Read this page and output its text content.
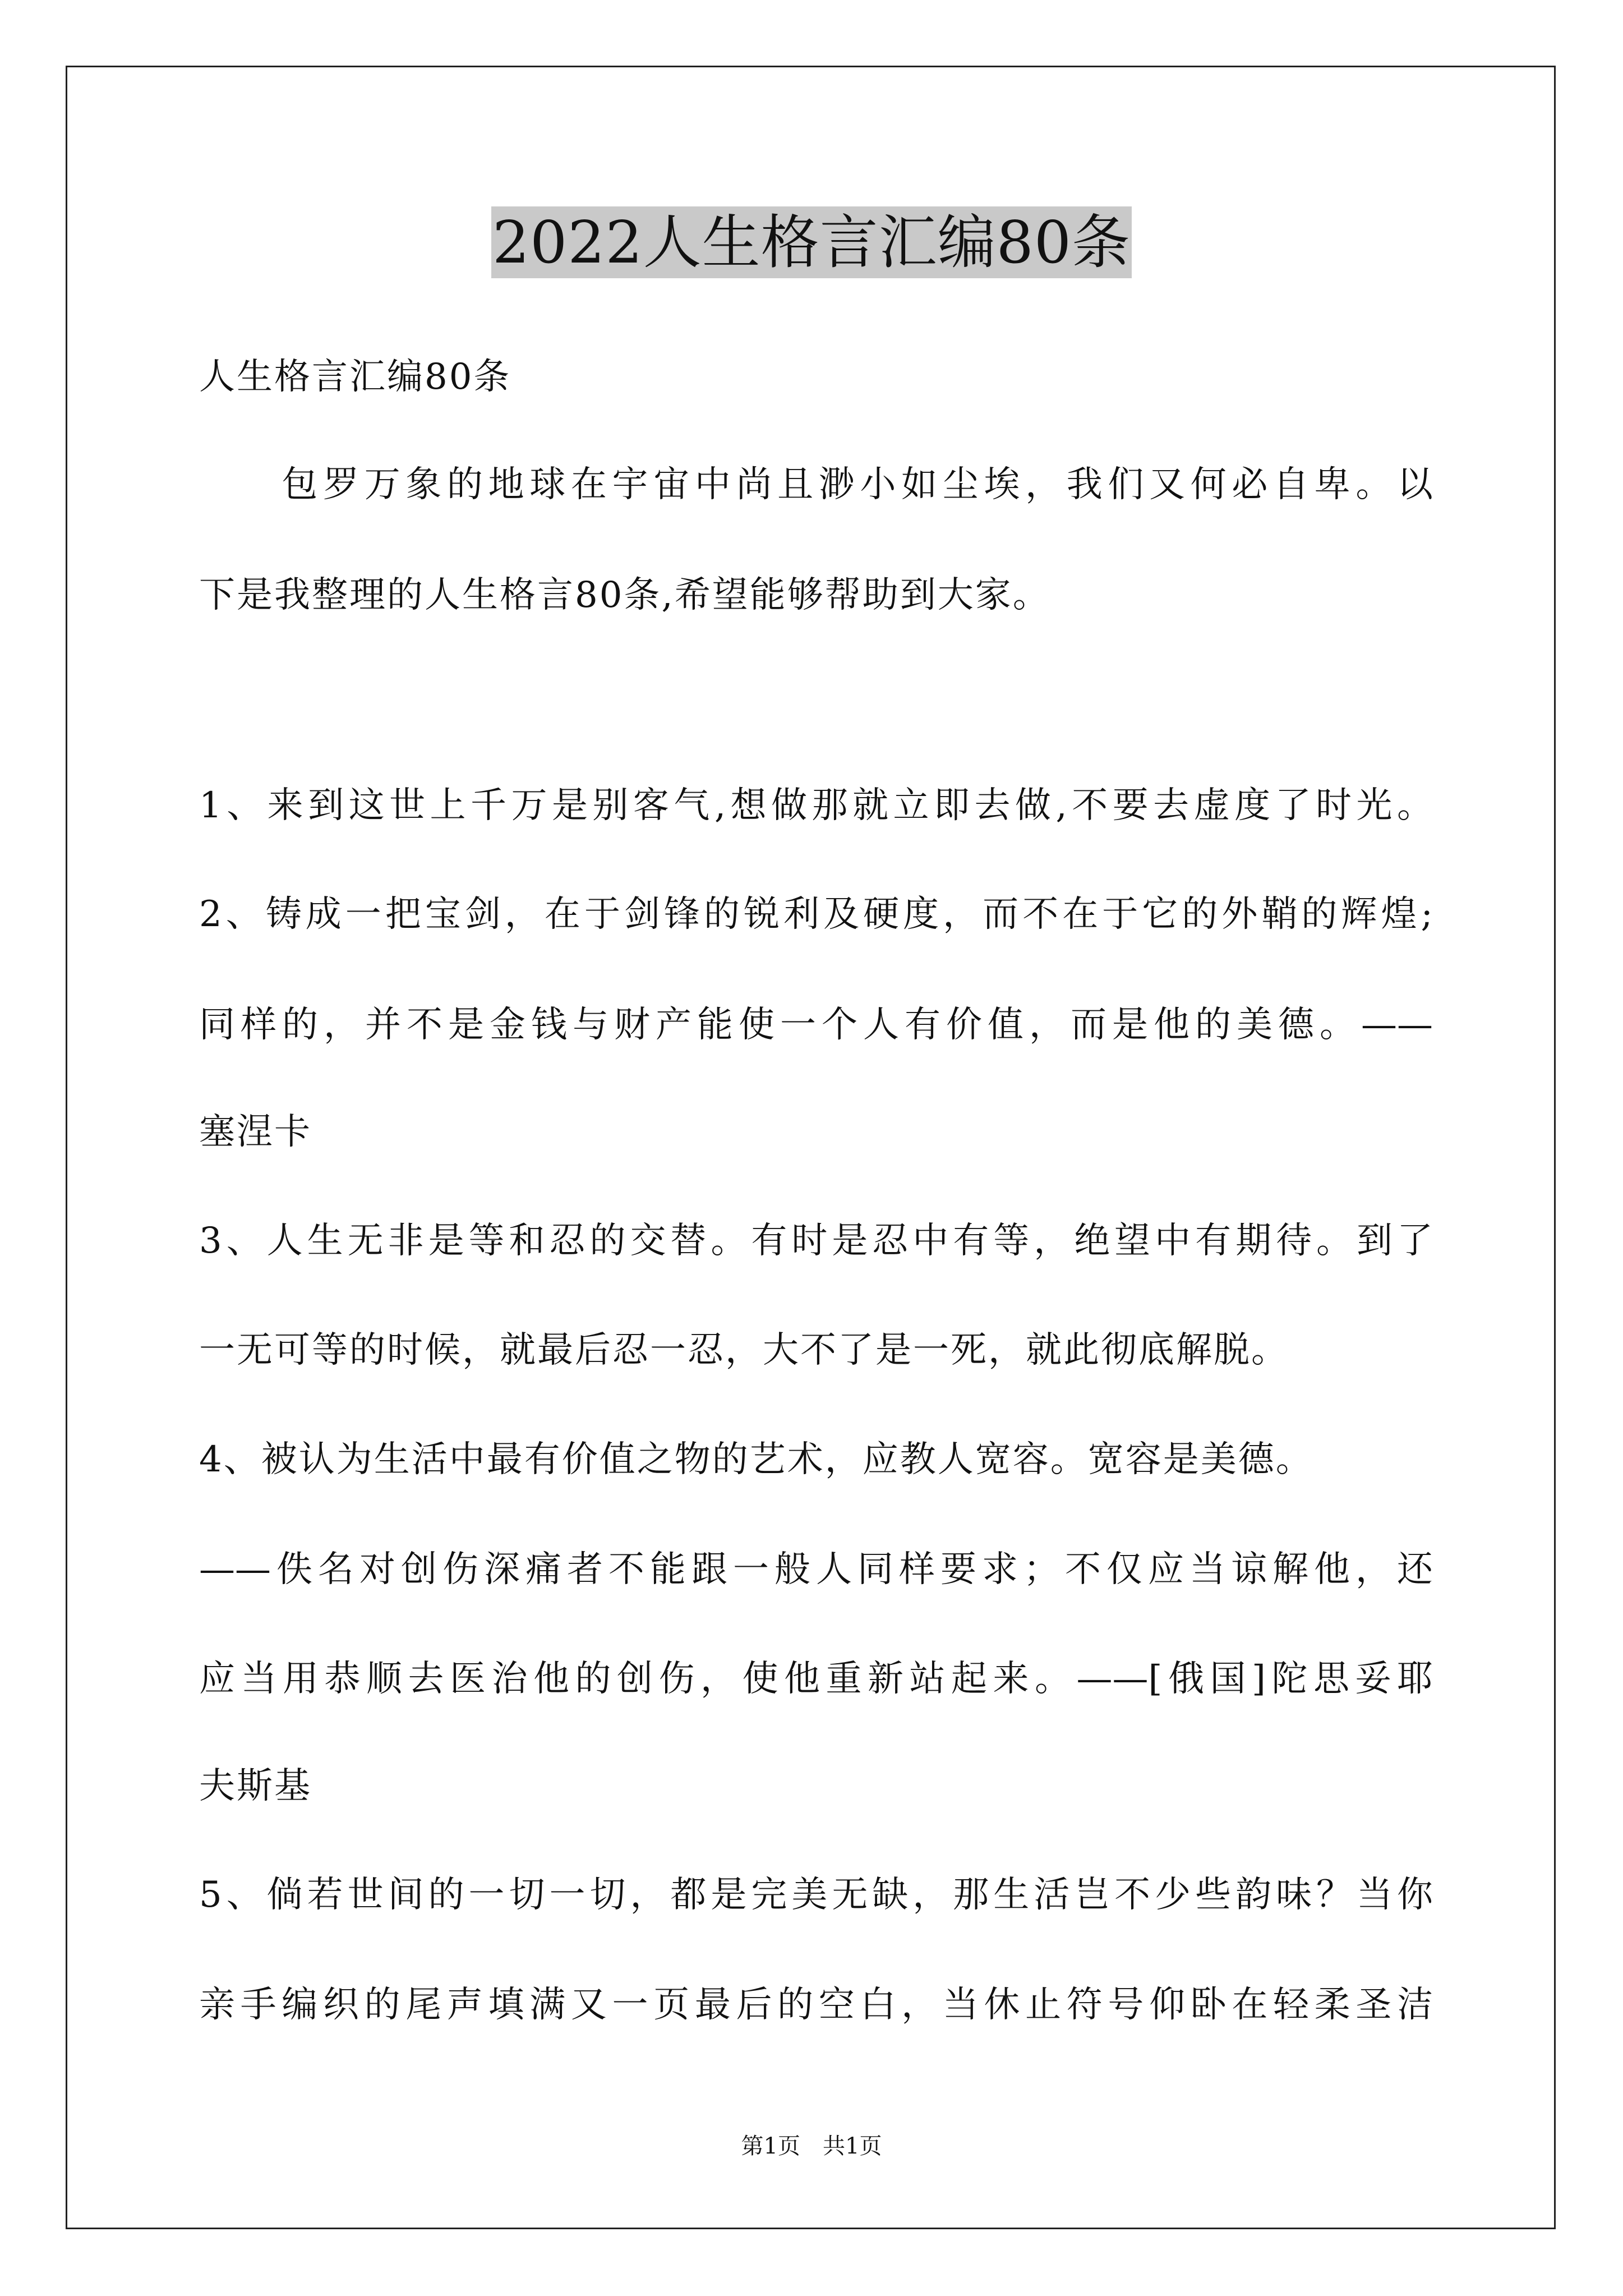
2022人生格言汇编80条
人生格言汇编80条
　　包罗万象的地球在宇宙中尚且渺小如尘埃，我们又何必自卑。以
下是我整理的人生格言80条,希望能够帮助到大家。
1、来到这世上千万是别客气,想做那就立即去做,不要去虚度了时光。
2、铸成一把宝剑，在于剑锋的锐利及硬度，而不在于它的外鞘的辉煌;
同样的，并不是金钱与财产能使一个人有价值，而是他的美德。——
塞涅卡
3、人生无非是等和忍的交替。有时是忍中有等，绝望中有期待。到了
一无可等的时候，就最后忍一忍，大不了是一死，就此彻底解脱。
4、被认为生活中最有价值之物的艺术，应教人宽容。宽容是美德。
——佚名对创伤深痛者不能跟一般人同样要求；不仅应当谅解他，还
应当用恭顺去医治他的创伤，使他重新站起来。——[俄国]陀思妥耶
夫斯基
5、倘若世间的一切一切，都是完美无缺，那生活岂不少些韵味？当你
亲手编织的尾声填满又一页最后的空白，当休止符号仰卧在轻柔圣洁
第1页　共1页
